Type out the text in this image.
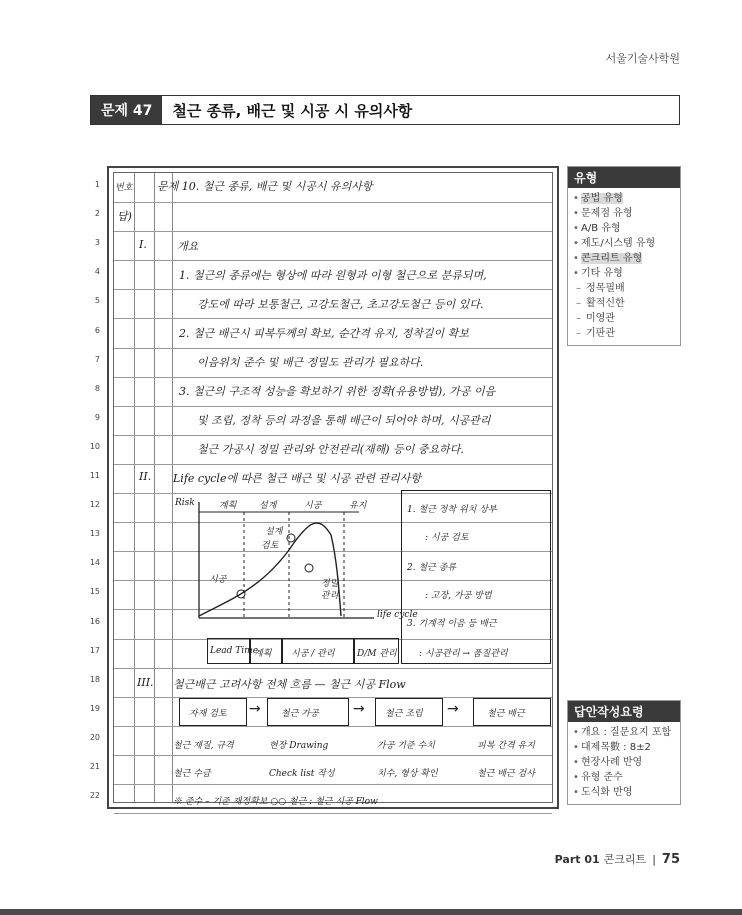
서울기술사학원
문제 47	철근 종류, 배근 및 시공 시 유의사항
번호 문제 10. 철근 종류, 배근 및 시공시 유의사항
답)
I.	개요
1. 철근의 종류에는 형상에 따라 원형과 이형 철근으로 분류되며,
강도에 따라 보통철근, 고강도철근, 초고강도철근 등이 있다.
2. 철근 배근시 피복두께의 확보, 순간격 유지, 정착길이 확보
이음위치 준수 및 배근 정밀도 관리가 필요하다.
3. 철근의 구조적 성능을 확보하기 위한 정확(유용방법), 가공 이음
및 조립, 정착 등의 과정을 통해 배근이 되어야 하며, 시공관리
철근 가공시 정밀 관리와 안전관리(재해) 등이 중요하다.
II. Life cycle에 따른 철근 배근 및 시공 관련 관리사항
Risk
life cycle
계획	설계	시공	유지
설계
검토
시공	정밀
관리
Lead Time
계획 시공 / 관리 D/M 관리
1. 철근 정착 위치 상부
: 시공 검토
2. 철근 종류
: 고장, 가공 방법
3. 기계적 이음 등 배근
: 시공관리 → 품질관리
III. 철근배근 고려사항 전체 흐름 — 철근 시공 Flow
→	→	→
자재 검토	철근 가공	철근 조립	철근 배근
철근 재질, 규격	현장 Drawing	가공 기준 수치	피복 간격 유지
철근 수급	Check list 작성	치수, 형상 확인	철근 배근 검사
※ 준수 – 기준 재정확보 ○○ 철근 : 철근 시공 Flow
1
2
3
4
5
6
7
8
9
10
11
12
13
14
15
16
17
18
19
20
21
22
유형
• 공법 유형
• 문제점 유형
• A/B 유형
• 제도/시스템 유형
• 콘크리트 유형
• 기타 유형
– 정목필배
– 활적신한
– 미영관
– 기판관
답안작성요령
• 개요 : 질문요지 포함
• 대제목數 : 8±2
• 현장사례 반영
• 유형 준수
• 도식화 반영
Part 01 콘크리트 | 75
